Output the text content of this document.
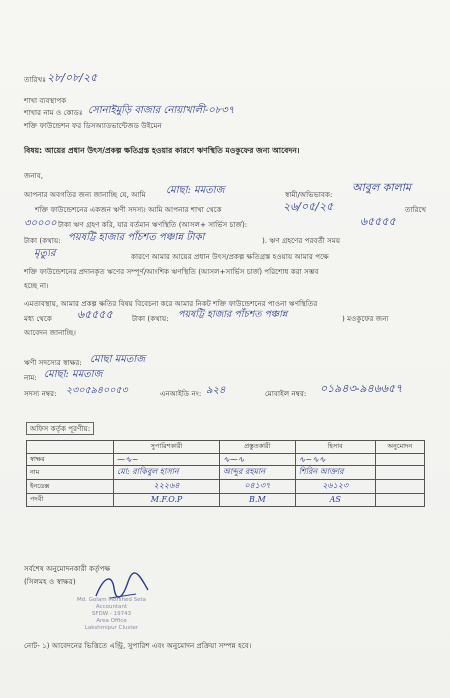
তারিখঃ ২৮/০৮/২৫
শাখা ব্যবস্থাপক
শাখার নাম ও কোডঃ সোনাইমুড়ি বাজার নোয়াখালী-০৮৩৭
শক্তি ফাউন্ডেশন ফর ডিসঅ্যাডভান্টেজড উইমেন
বিষয়: আয়ের প্রধান উৎস/প্রকল্প ক্ষতিগ্রস্ত হওয়ার কারণে ঋণস্থিতি মওকুফের জন্য আবেদন।
জনাব,
আপনার অবগতির জন্য জানাচ্ছি যে, আমি মোছা: মমতাজ	স্বামী/অভিভাবক:
আবুল কালাম
শক্তি ফাউন্ডেশনের একজন ঋণী সদস্য। আমি আপনার শাখা থেকে	২৬/০৫/২৫	তারিখে
৩০০০০ টাকা ঋণ গ্রহণ করি, যার বর্তমান ঋণস্থিতি (আসল+ সার্ভিস চার্জ):	৬৫৫৫৫
টাকা (কথায়: পয়ষট্টি হাজার পাঁচশত পঞ্চান্ন টাকা	). ঋণ গ্রহণের পরবর্তী সময়
মৃত্যুর	কারণে আমার আয়ের প্রধান উৎস/প্রকল্প ক্ষতিগ্রস্ত হওয়ায় আমার পক্ষে
শক্তি ফাউন্ডেশনের প্রদানকৃত ঋণের সম্পূর্ণ/আংশিক ঋণস্থিতি (আসল+সার্ভিস চার্জ) পরিশোধ করা সম্ভব
হচ্ছে না।
এমতাবস্থায়, আমার প্রকল্প ক্ষতির বিষয় বিবেচনা করে আমার নিকট শক্তি ফাউন্ডেশনের পাওনা ঋণস্থিতির
মধ্য থেকে ৬৫৫৫৫	টাকা (কথায়: পয়ষট্টি হাজার পাঁচশত পঞ্চান্ন	) মওকুফের জন্য
আবেদন জানাচ্ছি।
ঋণী সদস্যের স্বাক্ষর: মোছা মমতাজ
নাম: মোছা: মমতাজ
সদস্য নম্বর: ২৩০৫৯৪০০৫৩	এনআইডি নং: ৯২৪	মোবাইল নম্বর: ০১৯৪৩-৯৪৬৬৫৭
অফিস কর্তৃক পূরণীয়:
	সুপারিশকারী	প্রস্তুতকারী	হিসাব	অনুমোদন
স্বাক্ষর	⁓∿~	∿⁓∿	∿~∿∿	
নাম	মো: রাকিবুল হাসান	আব্দুর রহমান	শিরিন আক্তার	
ইনডেক্স	২২২৬৪	০৪১৩৭	২৬১২৩	
পদবী	M.F.O.P	B.M	AS	
সর্বশেষ অনুমোদনকারী কর্তৃপক্ষ
(সিলমহ ও স্বাক্ষর)
Md. Golam Morshed Seta
Accountant
SFDW - 19743
Area Office
Lakshmipur Cluster
নোট- ১) আবেদনের ভিত্তিতে এন্ট্রি, সুপারিশ এবং অনুমোদন প্রক্রিয়া সম্পন্ন হবে।
